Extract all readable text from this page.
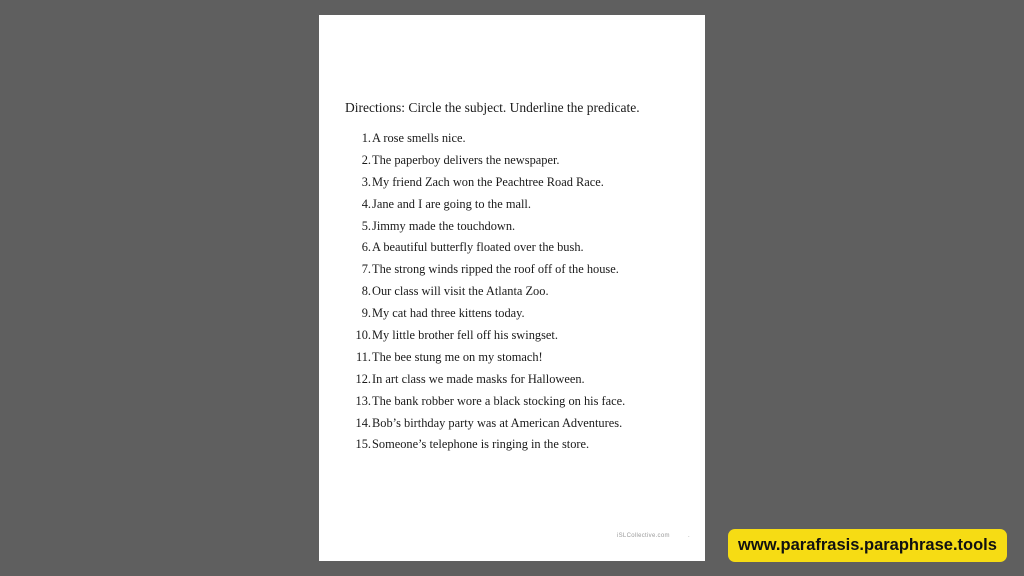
Directions: Circle the subject. Underline the predicate.
1. A rose smells nice.
2. The paperboy delivers the newspaper.
3. My friend Zach won the Peachtree Road Race.
4. Jane and I are going to the mall.
5. Jimmy made the touchdown.
6. A beautiful butterfly floated over the bush.
7. The strong winds ripped the roof off of the house.
8. Our class will visit the Atlanta Zoo.
9. My cat had three kittens today.
10. My little brother fell off his swingset.
11. The bee stung me on my stomach!
12. In art class we made masks for Halloween.
13. The bank robber wore a black stocking on his face.
14. Bob’s birthday party was at American Adventures.
15. Someone’s telephone is ringing in the store.
iSLCollective.com	.	www.parafrasis.paraphrase.tools
